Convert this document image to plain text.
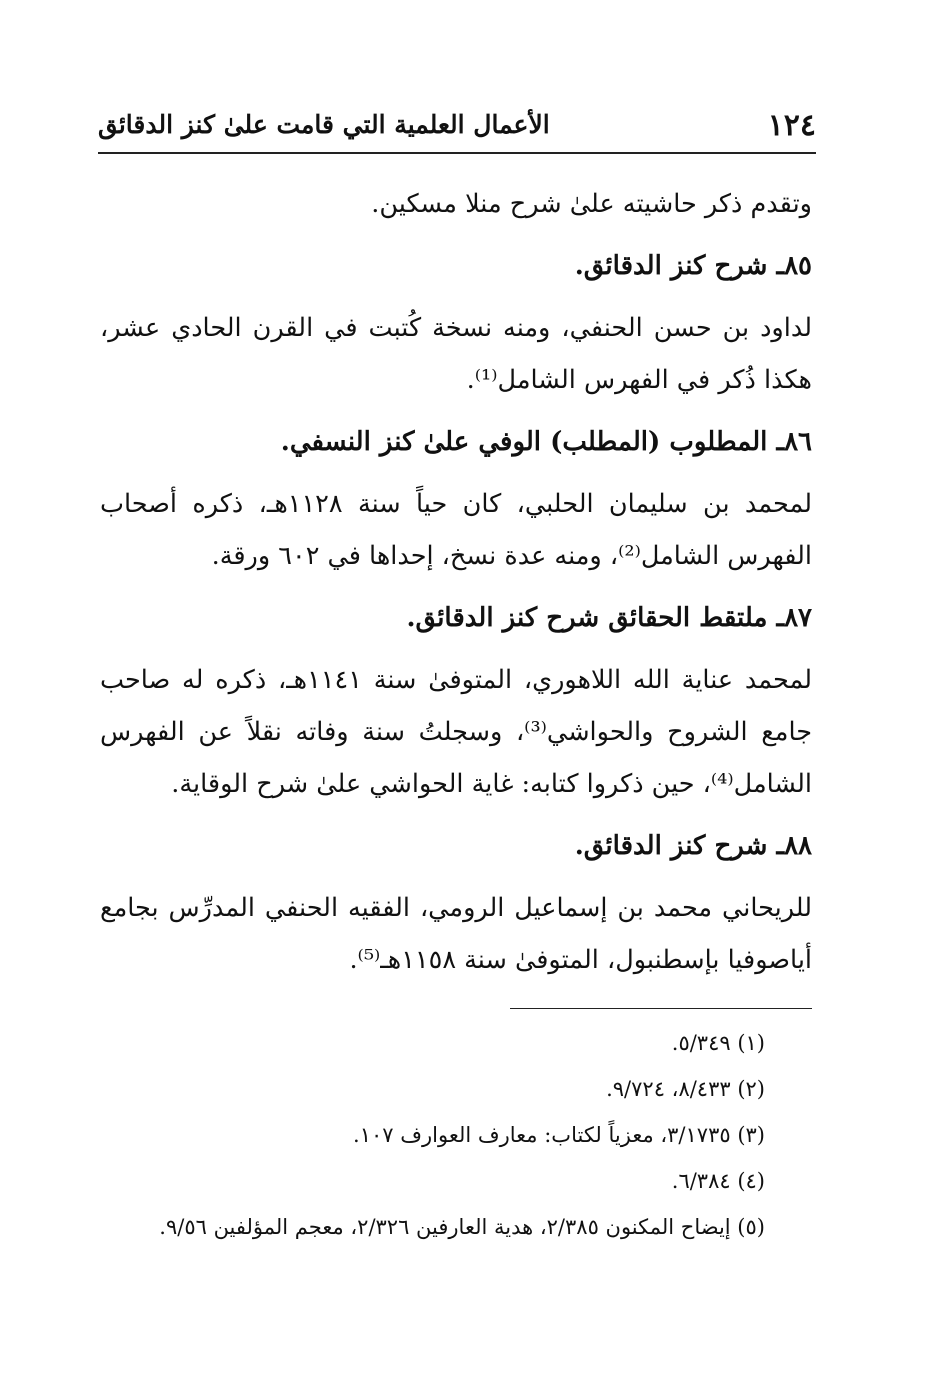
١٢٤
الأعمال العلمية التي قامت علىٰ كنز الدقائق

وتقدم ذكر حاشيته علىٰ شرح منلا مسكين.

٨٥ـ شرح كنز الدقائق.

لداود بن حسن الحنفي، ومنه نسخة كُتبت في القرن الحادي عشر، هكذا ذُكر في الفهرس الشامل⁽¹⁾.

٨٦ـ المطلوب (المطلب) الوفي علىٰ كنز النسفي.

لمحمد بن سليمان الحلبي، كان حياً سنة ١١٢٨هـ، ذكره أصحاب الفهرس الشامل⁽²⁾، ومنه عدة نسخ، إحداها في ٦٠٢ ورقة.

٨٧ـ ملتقط الحقائق شرح كنز الدقائق.

لمحمد عناية الله اللاهوري، المتوفىٰ سنة ١١٤١هـ، ذكره له صاحب جامع الشروح والحواشي⁽³⁾، وسجلتُ سنة وفاته نقلاً عن الفهرس الشامل⁽⁴⁾، حين ذكروا كتابه: غاية الحواشي علىٰ شرح الوقاية.

٨٨ـ شرح كنز الدقائق.

للريحاني محمد بن إسماعيل الرومي، الفقيه الحنفي المدرِّس بجامع أياصوفيا بإسطنبول، المتوفىٰ سنة ١١٥٨هـ⁽⁵⁾.

(١) ٥/٣٤٩.

(٢) ٨/٤٣٣، ٩/٧٢٤.

(٣) ٣/١٧٣٥، معزياً لكتاب: معارف العوارف ١٠٧.

(٤) ٦/٣٨٤.

(٥) إيضاح المكنون ٢/٣٨٥، هدية العارفين ٢/٣٢٦، معجم المؤلفين ٩/٥٦.
